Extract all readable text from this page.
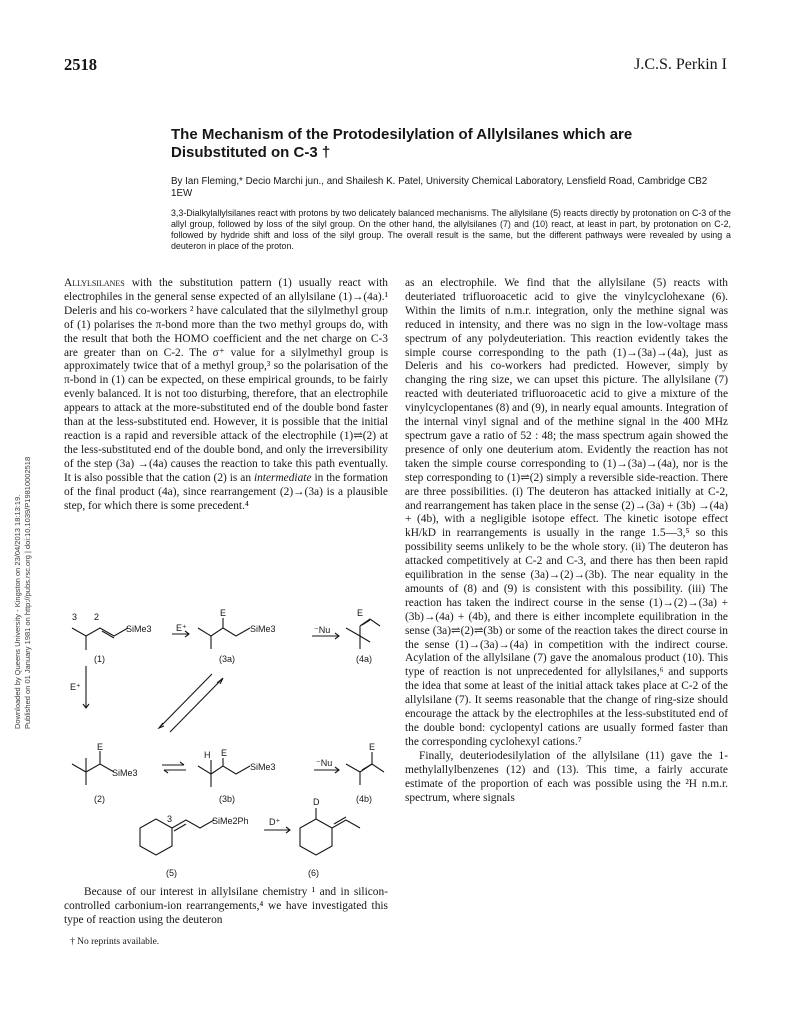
Downloaded by Queens University - Kingston on 23/04/2013 18:13:19. Published on 01 January 1981 on http://pubs.rsc.org | doi:10.1039/P19810002518
2518	J.C.S. Perkin I
The Mechanism of the Protodesilylation of Allylsilanes which are Disubstituted on C-3 †
By Ian Fleming,* Decio Marchi jun., and Shailesh K. Patel, University Chemical Laboratory, Lensfield Road, Cambridge CB2 1EW
3,3-Dialkylallylsilanes react with protons by two delicately balanced mechanisms. The allylsilane (5) reacts directly by protonation on C-3 of the allyl group, followed by loss of the silyl group. On the other hand, the allylsilanes (7) and (10) react, at least in part, by protonation on C-2, followed by hydride shift and loss of the silyl group. The overall result is the same, but the different pathways were revealed by using a deuteron in place of the proton.

Allylsilanes with the substitution pattern (1) usually react with electrophiles in the general sense expected of an allylsilane (1)→(4a).¹ Deleris and his co-workers ² have calculated that the silylmethyl group of (1) polarises the π-bond more than the two methyl groups do, with the result that both the HOMO coefficient and the net charge on C-3 are greater than on C-2. The σ⁺ value for a silylmethyl group is approximately twice that of a methyl group,³ so the polarisation of the π-bond in (1) can be expected, on these empirical grounds, to be fairly evenly balanced. It is not too disturbing, therefore, that an electrophile appears to attack at the more-substituted end of the double bond faster than at the less-substituted end. However, it is possible that the initial reaction is a rapid and reversible attack of the electrophile (1)⇌(2) at the less-substituted end of the double bond, and only the irreversibility of the step (3a) →(4a) causes the reaction to take this path eventually. It is also possible that the cation (2) is an intermediate in the formation of the final product (4a), since rearrangement (2)→(3a) is a plausible step, for which there is some precedent.⁴

3 2
SiMe3	E⁺
E
SiMe3	⁻Nu
E
(1)	(3a)	(4a)
E⁺
E
SiMe3
H E
SiMe3	⁻Nu
E
(2)	(3b)	(4b)
3	SiMe2Ph D⁺
D
(5)	(6)

Because of our interest in allylsilane chemistry ¹ and in silicon-controlled carbonium-ion rearrangements,⁴ we have investigated this type of reaction using the deuteron

† No reprints available.

as an electrophile. We find that the allylsilane (5) reacts with deuteriated trifluoroacetic acid to give the vinylcyclohexane (6). Within the limits of n.m.r. integration, only the methine signal was reduced in intensity, and there was no sign in the low-voltage mass spectrum of any polydeuteriation. This reaction evidently takes the simple course corresponding to the path (1)→(3a)→(4a), just as Deleris and his co-workers had predicted. However, simply by changing the ring size, we can upset this picture. The allylsilane (7) reacted with deuteriated trifluoroacetic acid to give a mixture of the vinylcyclopentanes (8) and (9), in nearly equal amounts. Integration of the internal vinyl signal and of the methine signal in the 400 MHz spectrum gave a ratio of 52 : 48; the mass spectrum again showed the presence of only one deuterium atom. Evidently the reaction has not taken the simple course corresponding to (1)→(3a)→(4a), nor is the step corresponding to (1)⇌(2) simply a reversible side-reaction. There are three possibilities. (i) The deuteron has attacked initially at C-2, and rearrangement has taken place in the sense (2)→(3a) + (3b) →(4a) + (4b), with a negligible isotope effect. The kinetic isotope effect kH/kD in rearrangements is usually in the range 1.5—3,⁵ so this possibility seems unlikely to be the whole story. (ii) The deuteron has attacked competitively at C-2 and C-3, and there has then been rapid equilibration in the sense (3a)→(2)→(3b). The near equality in the amounts of (8) and (9) is consistent with this possibility. (iii) The reaction has taken the indirect course in the sense (1)→(2)→(3a) + (3b)→(4a) + (4b), and there is either incomplete equilibration in the sense (3a)⇌(2)⇌(3b) or some of the reaction takes the direct course in the sense (1)→(3a)→(4a) in competition with the indirect course. Acylation of the allylsilane (7) gave the anomalous product (10). This type of reaction is not unprecedented for allylsilanes,⁶ and supports the idea that some at least of the initial attack takes place at C-2 of the allylsilane (7). It seems reasonable that the change of ring-size should encourage the attack by the electrophiles at the less-substituted end of the double bond: cyclopentyl cations are usually formed faster than the corresponding cyclohexyl cations.⁷

Finally, deuteriodesilylation of the allylsilane (11) gave the 1-methylallylbenzenes (12) and (13). This time, a fairly accurate estimate of the proportion of each was possible using the ²H n.m.r. spectrum, where signals
